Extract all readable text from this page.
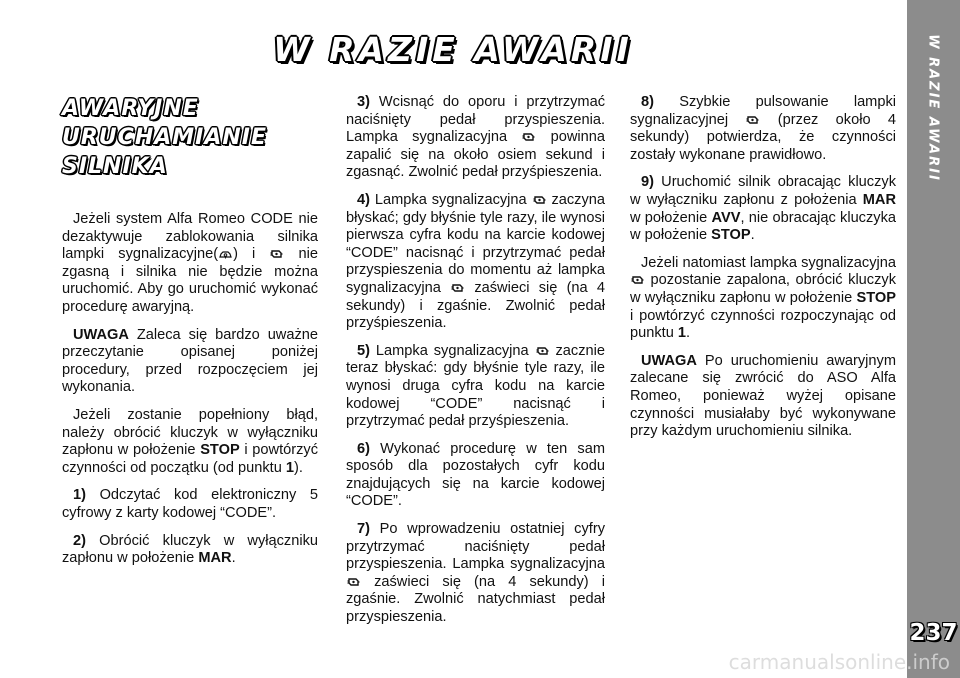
W RAZIE AWARII	W RAZIE AWARII
237
AWARYJNE
URUCHAMIANIE
SILNIKA

Jeżeli system Alfa Romeo CODE nie dezaktywuje zablokowania silnika lampki sygnalizacyjne( ) i
nie zgasną i silnika nie będzie można uruchomić. Aby go uruchomić wykonać procedurę awaryjną.

UWAGA Zaleca się bardzo uważne przeczytanie opisanej poniżej procedury, przed rozpoczęciem jej wykonania.

Jeżeli zostanie popełniony błąd, należy obrócić kluczyk w wyłączniku zapłonu w położenie STOP i powtórzyć czynności od początku (od punktu 1).

1) Odczytać kod elektroniczny 5 cyfrowy z karty kodowej “CODE”.

2) Obrócić kluczyk w wyłączniku zapłonu w położenie MAR.

3) Wcisnąć do oporu i przytrzymać naciśnięty pedał przyspieszenia. Lampka sygnalizacyjna
powinna zapalić się na około osiem sekund i zgasnąć. Zwolnić pedał przyśpieszenia.

4) Lampka sygnalizacyjna
zaczyna błyskać; gdy błyśnie tyle razy, ile wynosi pierwsza cyfra kodu na karcie kodowej “CODE” nacisnąć i przytrzymać pedał przyspieszenia do momentu aż lampka sygnalizacyjna
zaświeci się (na 4 sekundy) i zgaśnie. Zwolnić pedał przyśpieszenia.

5) Lampka sygnalizacyjna
zacznie teraz błyskać: gdy błyśnie tyle razy, ile wynosi druga cyfra kodu na karcie kodowej “CODE” nacisnąć i przytrzymać pedał przyśpieszenia.

6) Wykonać procedurę w ten sam sposób dla pozostałych cyfr kodu znajdujących się na karcie kodowej “CODE”.

7) Po wprowadzeniu ostatniej cyfry przytrzymać naciśnięty pedał przyspieszenia. Lampka sygnalizacyjna
zaświeci się (na 4 sekundy) i zgaśnie. Zwolnić natychmiast pedał przyspieszenia.

8) Szybkie pulsowanie lampki sygnalizacyjnej
(przez około 4 sekundy) potwierdza, że czynności zostały wykonane prawidłowo.

9) Uruchomić silnik obracając kluczyk w wyłączniku zapłonu z położenia MAR w położenie AVV, nie obracając kluczyka w położenie STOP.

Jeżeli natomiast lampka sygnalizacyjna
pozostanie zapalona, obrócić kluczyk w wyłączniku zapłonu w położenie STOP i powtórzyć czynności rozpoczynając od punktu 1.

UWAGA Po uruchomieniu awaryjnym zalecane się zwrócić do ASO Alfa Romeo, ponieważ wyżej opisane czynności musiałaby być wykonywane przy każdym uruchomieniu silnika.

carmanualsonline.info
